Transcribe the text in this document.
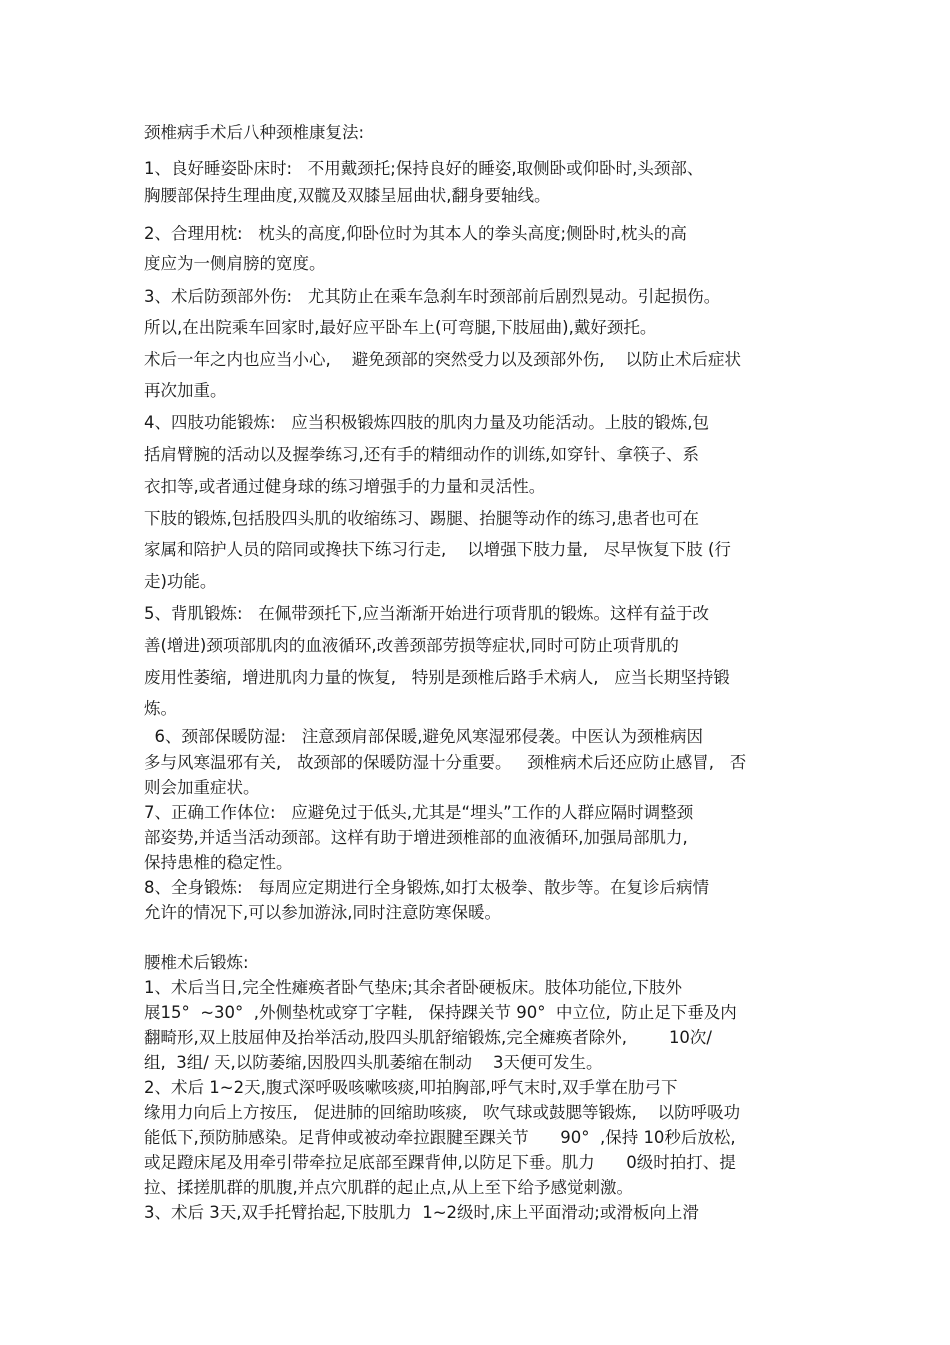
颈椎病手术后八种颈椎康复法:

1、良好睡姿卧床时:   不用戴颈托;保持良好的睡姿,取侧卧或仰卧时,头颈部、

胸腰部保持生理曲度,双髋及双膝呈屈曲状,翻身要轴线。

2、合理用枕:   枕头的高度,仰卧位时为其本人的拳头高度;侧卧时,枕头的高

度应为一侧肩膀的宽度。

3、术后防颈部外伤:   尤其防止在乘车急刹车时颈部前后剧烈晃动。引起损伤。

所以,在出院乘车回家时,最好应平卧车上(可弯腿,下肢屈曲),戴好颈托。

术后一年之内也应当小心,    避免颈部的突然受力以及颈部外伤,    以防止术后症状

再次加重。

4、四肢功能锻炼:   应当积极锻炼四肢的肌肉力量及功能活动。上肢的锻炼,包

括肩臂腕的活动以及握拳练习,还有手的精细动作的训练,如穿针、拿筷子、系

衣扣等,或者通过健身球的练习增强手的力量和灵活性。

下肢的锻炼,包括股四头肌的收缩练习、踢腿、抬腿等动作的练习,患者也可在

家属和陪护人员的陪同或搀扶下练习行走,    以增强下肢力量,   尽早恢复下肢 (行

走)功能。

5、背肌锻炼:   在佩带颈托下,应当渐渐开始进行项背肌的锻炼。这样有益于改

善(增进)颈项部肌肉的血液循环,改善颈部劳损等症状,同时可防止项背肌的

废用性萎缩,  增进肌肉力量的恢复,   特别是颈椎后路手术病人,   应当长期坚持锻

炼。

6、颈部保暖防湿:   注意颈肩部保暖,避免风寒湿邪侵袭。中医认为颈椎病因

多与风寒温邪有关,   故颈部的保暖防湿十分重要。   颈椎病术后还应防止感冒,   否

则会加重症状。

7、正确工作体位:   应避免过于低头,尤其是“埋头”工作的人群应隔时调整颈

部姿势,并适当活动颈部。这样有助于增进颈椎部的血液循环,加强局部肌力,

保持患椎的稳定性。

8、全身锻炼:   每周应定期进行全身锻炼,如打太极拳、散步等。在复诊后病情

允许的情况下,可以参加游泳,同时注意防寒保暖。

腰椎术后锻炼:

1、术后当日,完全性瘫痪者卧气垫床;其余者卧硬板床。肢体功能位,下肢外

展15°  ~30°  ,外侧垫枕或穿丁字鞋,   保持踝关节 90°  中立位,  防止足下垂及内

翻畸形,双上肢屈伸及抬举活动,股四头肌舒缩锻炼,完全瘫痪者除外,        10次/

组,  3组/ 天,以防萎缩,因股四头肌萎缩在制动    3天便可发生。

2、术后 1~2天,腹式深呼吸咳嗽咳痰,叩拍胸部,呼气末时,双手掌在肋弓下

缘用力向后上方按压,   促进肺的回缩助咳痰,   吹气球或鼓腮等锻炼,    以防呼吸功

能低下,预防肺感染。足背伸或被动牵拉跟腱至踝关节      90°  ,保持 10秒后放松,

或足蹬床尾及用牵引带牵拉足底部至踝背伸,以防足下垂。肌力      0级时拍打、提

拉、揉搓肌群的肌腹,并点穴肌群的起止点,从上至下给予感觉刺激。

3、术后 3天,双手托臂抬起,下肢肌力  1~2级时,床上平面滑动;或滑板向上滑
